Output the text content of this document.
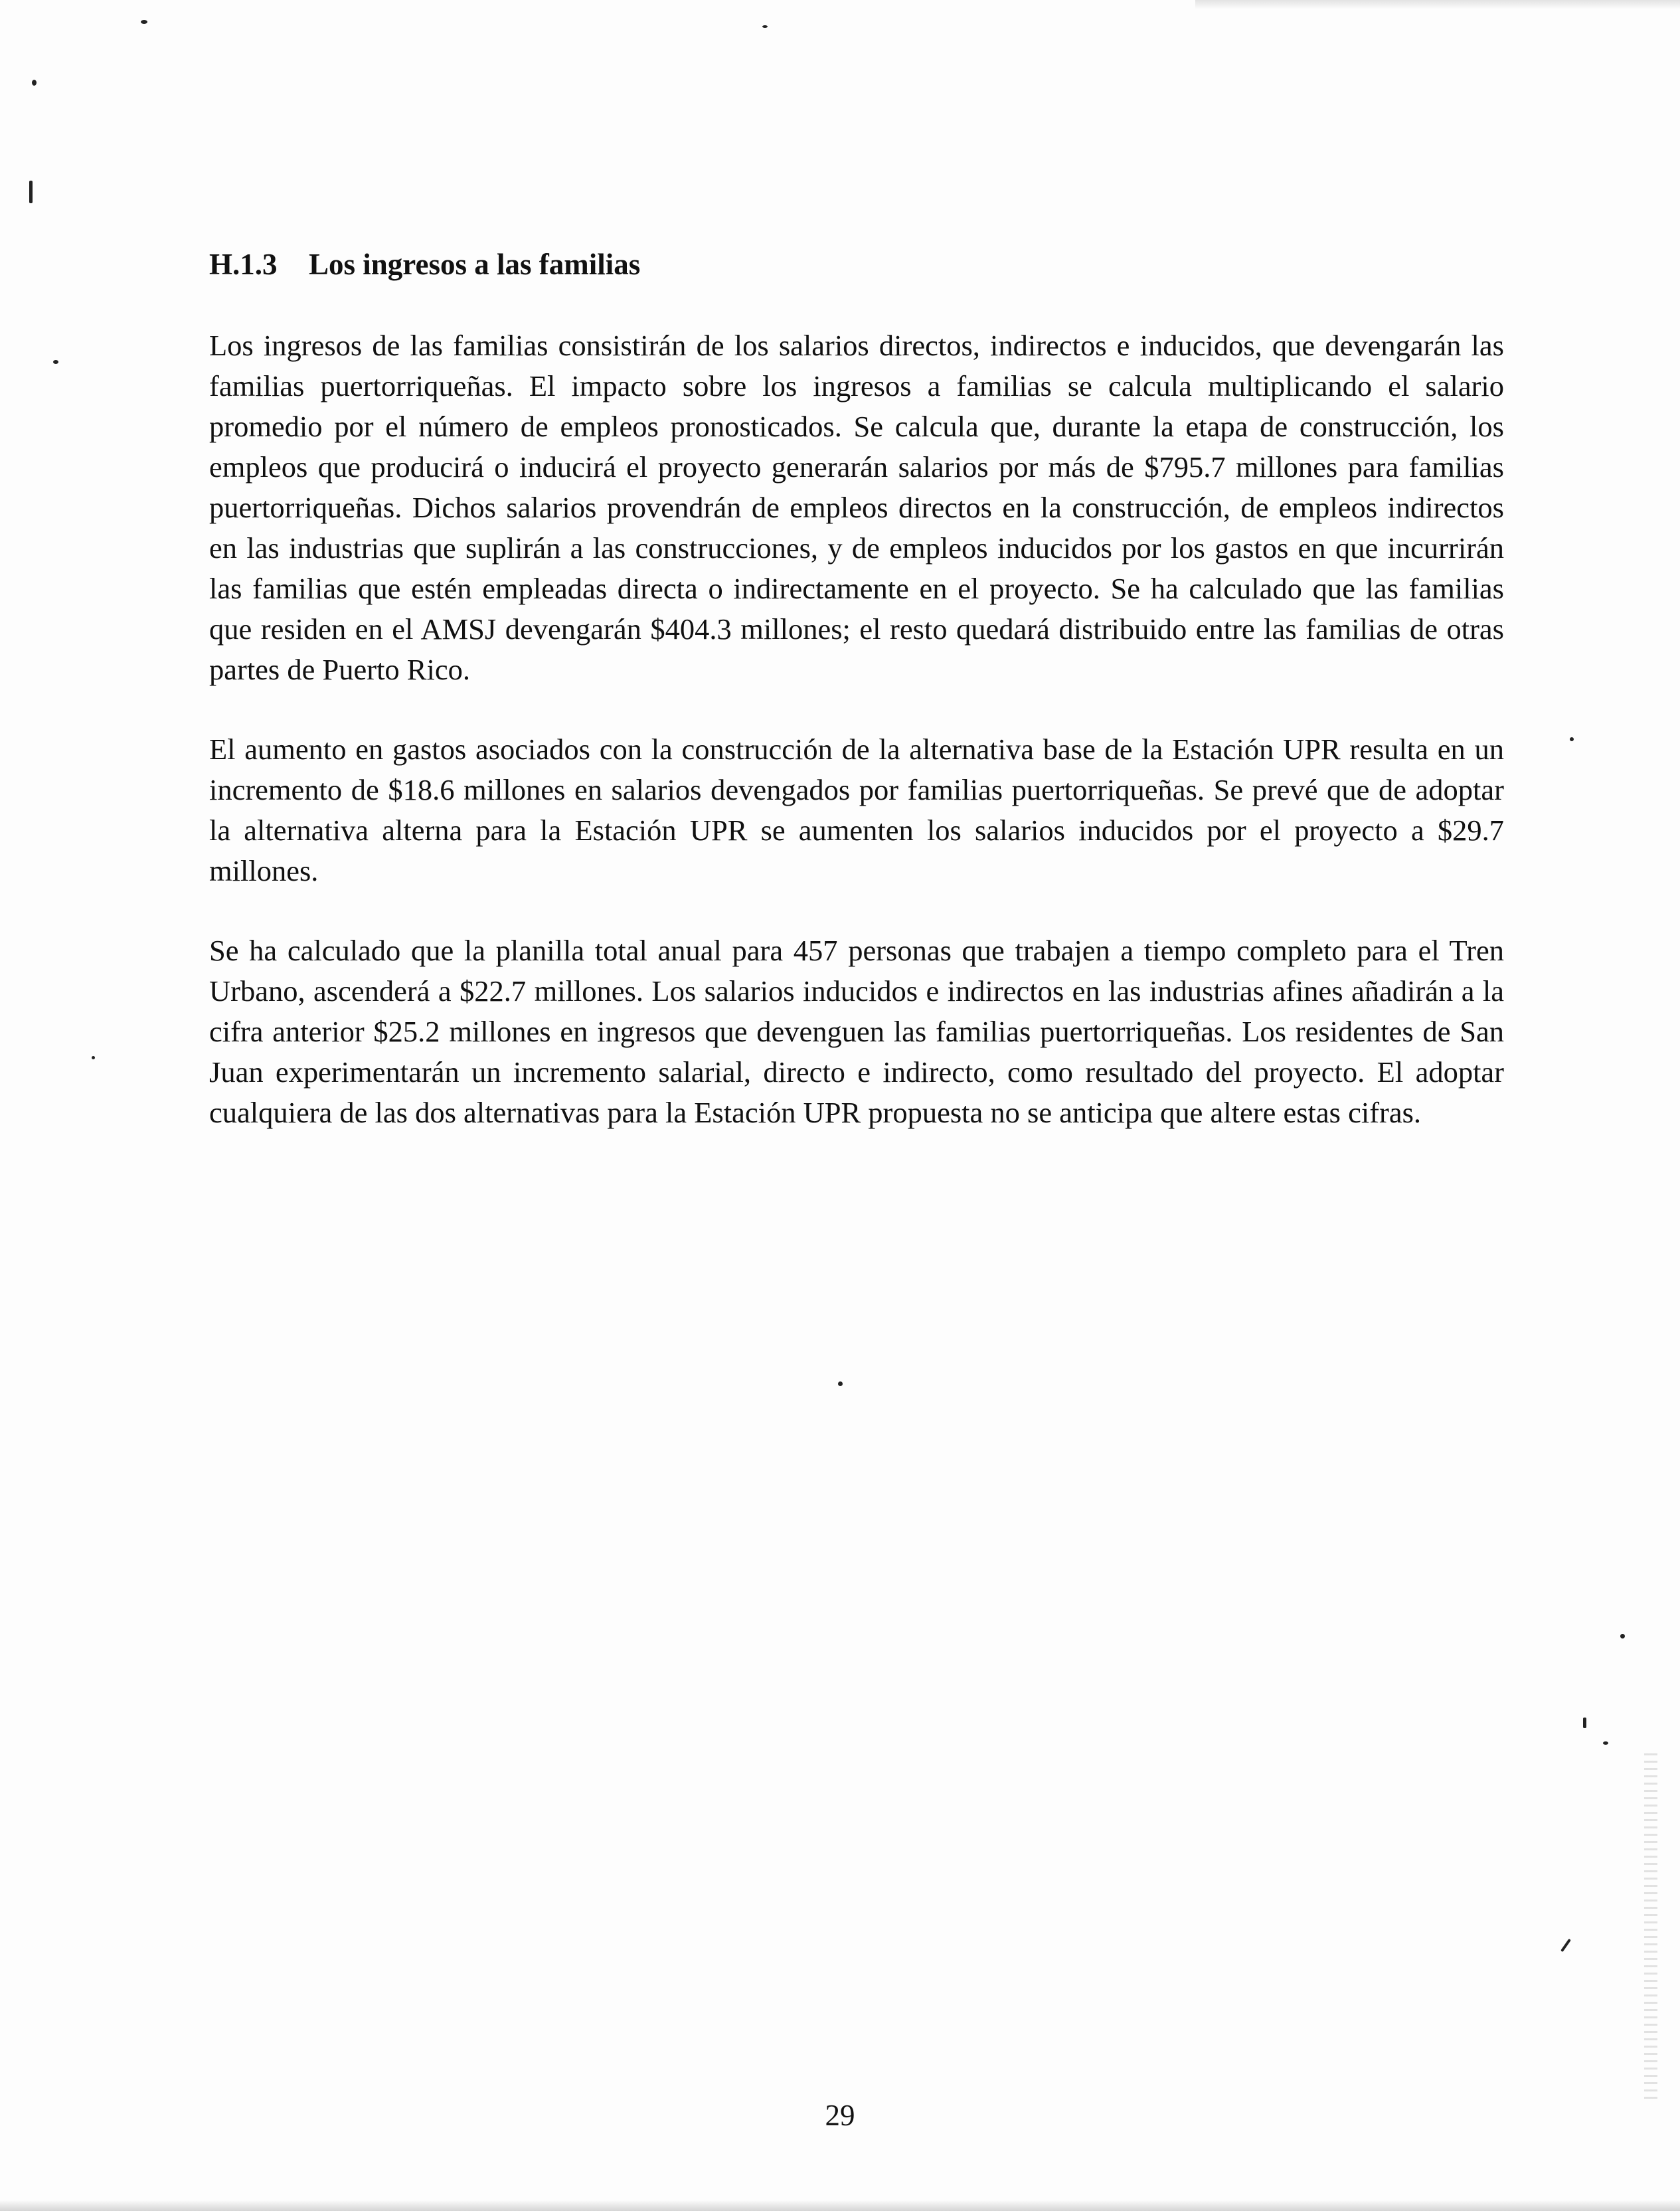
H.1.3 Los ingresos a las familias

Los ingresos de las familias consistirán de los salarios directos, indirectos e inducidos, que devengarán las familias puertorriqueñas. El impacto sobre los ingresos a familias se calcula multiplicando el salario promedio por el número de empleos pronosticados. Se calcula que, durante la etapa de construcción, los empleos que producirá o inducirá el proyecto generarán salarios por más de $795.7 millones para familias puertorriqueñas. Dichos salarios provendrán de empleos directos en la construcción, de empleos indirectos en las industrias que suplirán a las construcciones, y de empleos inducidos por los gastos en que incurrirán las familias que estén empleadas directa o indirectamente en el proyecto. Se ha calculado que las familias que residen en el AMSJ devengarán $404.3 millones; el resto quedará distribuido entre las familias de otras partes de Puerto Rico.

El aumento en gastos asociados con la construcción de la alternativa base de la Estación UPR resulta en un incremento de $18.6 millones en salarios devengados por familias puertorriqueñas. Se prevé que de adoptar la alternativa alterna para la Estación UPR se aumenten los salarios inducidos por el proyecto a $29.7 millones.

Se ha calculado que la planilla total anual para 457 personas que trabajen a tiempo completo para el Tren Urbano, ascenderá a $22.7 millones. Los salarios inducidos e indirectos en las industrias afines añadirán a la cifra anterior $25.2 millones en ingresos que devenguen las familias puertorriqueñas. Los residentes de San Juan experimentarán un incremento salarial, directo e indirecto, como resultado del proyecto. El adoptar cualquiera de las dos alternativas para la Estación UPR propuesta no se anticipa que altere estas cifras.

29
